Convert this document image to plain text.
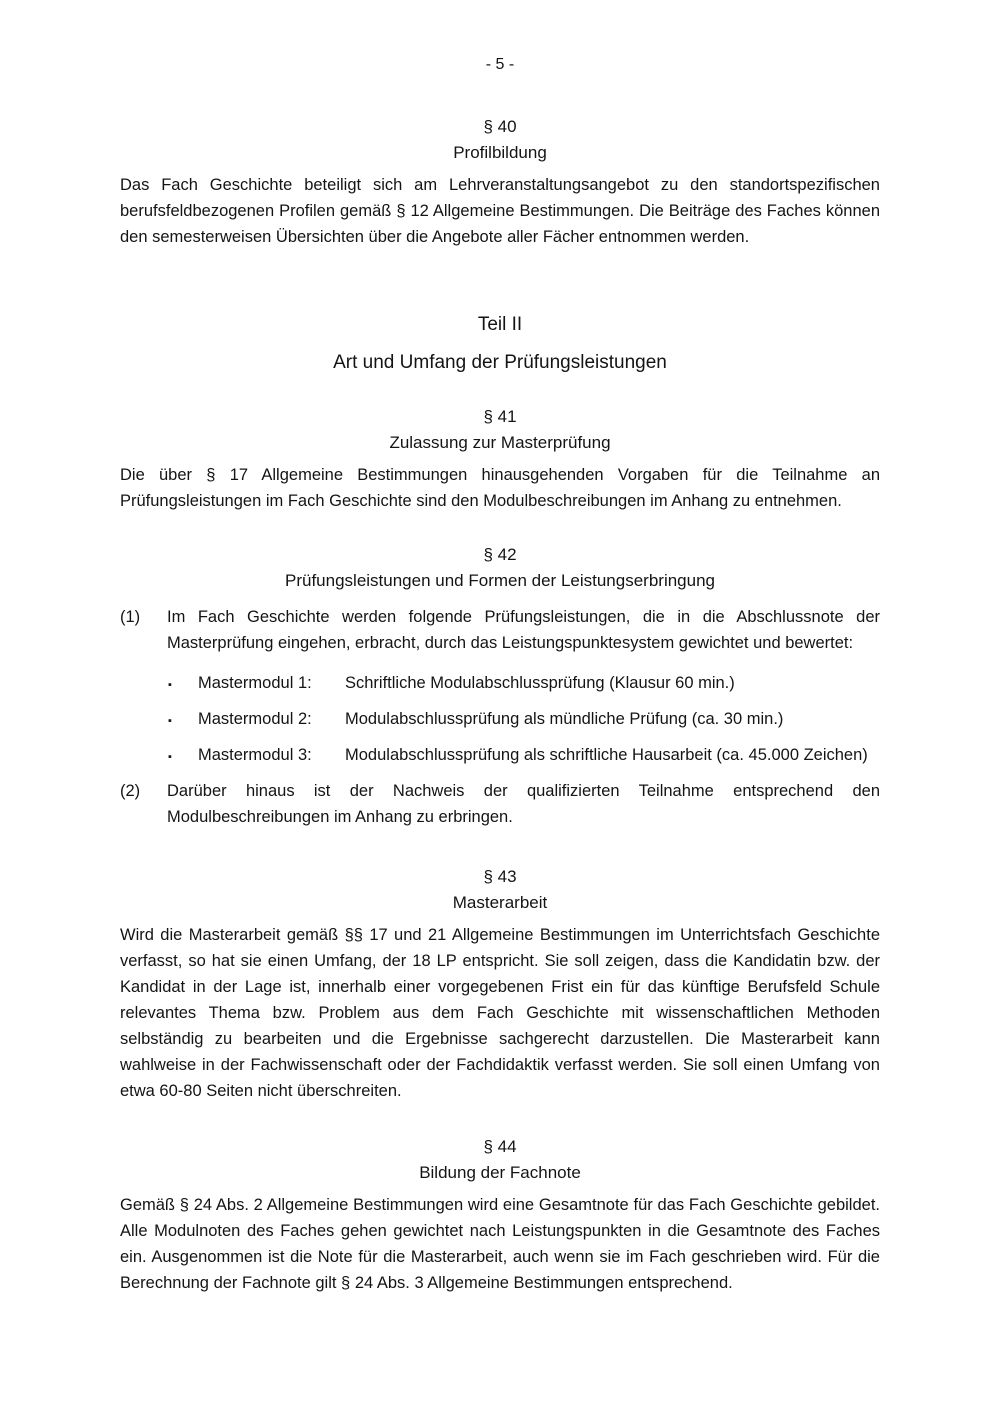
- 5 -
§ 40
Profilbildung

Das Fach Geschichte beteiligt sich am Lehrveranstaltungsangebot zu den standortspezifischen berufsfeldbezogenen Profilen gemäß § 12 Allgemeine Bestimmungen. Die Beiträge des Faches können den semesterweisen Übersichten über die Angebote aller Fächer entnommen werden.

Teil II
Art und Umfang der Prüfungsleistungen
§ 41
Zulassung zur Masterprüfung

Die über § 17 Allgemeine Bestimmungen hinausgehenden Vorgaben für die Teilnahme an Prüfungsleistungen im Fach Geschichte sind den Modulbeschreibungen im Anhang zu entnehmen.

§ 42
Prüfungsleistungen und Formen der Leistungserbringung
(1)	Im Fach Geschichte werden folgende Prüfungsleistungen, die in die Abschlussnote der Masterprüfung eingehen, erbracht, durch das Leistungspunktesystem gewichtet und bewertet:

▪	Mastermodul 1:	Schriftliche Modulabschlussprüfung (Klausur 60 min.)
▪	Mastermodul 2:	Modulabschlussprüfung als mündliche Prüfung (ca. 30 min.)
▪	Mastermodul 3:	Modulabschlussprüfung als schriftliche Hausarbeit (ca. 45.000 Zeichen)
(2)	Darüber hinaus ist der Nachweis der qualifizierten Teilnahme entsprechend den Modulbeschreibungen im Anhang zu erbringen.

§ 43
Masterarbeit

Wird die Masterarbeit gemäß §§ 17 und 21 Allgemeine Bestimmungen im Unterrichtsfach Geschichte verfasst, so hat sie einen Umfang, der 18 LP entspricht. Sie soll zeigen, dass die Kandidatin bzw. der Kandidat in der Lage ist, innerhalb einer vorgegebenen Frist ein für das künftige Berufsfeld Schule relevantes Thema bzw. Problem aus dem Fach Geschichte mit wissenschaftlichen Methoden selbständig zu bearbeiten und die Ergebnisse sachgerecht darzustellen. Die Masterarbeit kann wahlweise in der Fachwissenschaft oder der Fachdidaktik verfasst werden. Sie soll einen Umfang von etwa 60-80 Seiten nicht überschreiten.

§ 44
Bildung der Fachnote

Gemäß § 24 Abs. 2 Allgemeine Bestimmungen wird eine Gesamtnote für das Fach Geschichte gebildet. Alle Modulnoten des Faches gehen gewichtet nach Leistungspunkten in die Gesamtnote des Faches ein. Ausgenommen ist die Note für die Masterarbeit, auch wenn sie im Fach geschrieben wird. Für die Berechnung der Fachnote gilt § 24 Abs. 3 Allgemeine Bestimmungen entsprechend.
